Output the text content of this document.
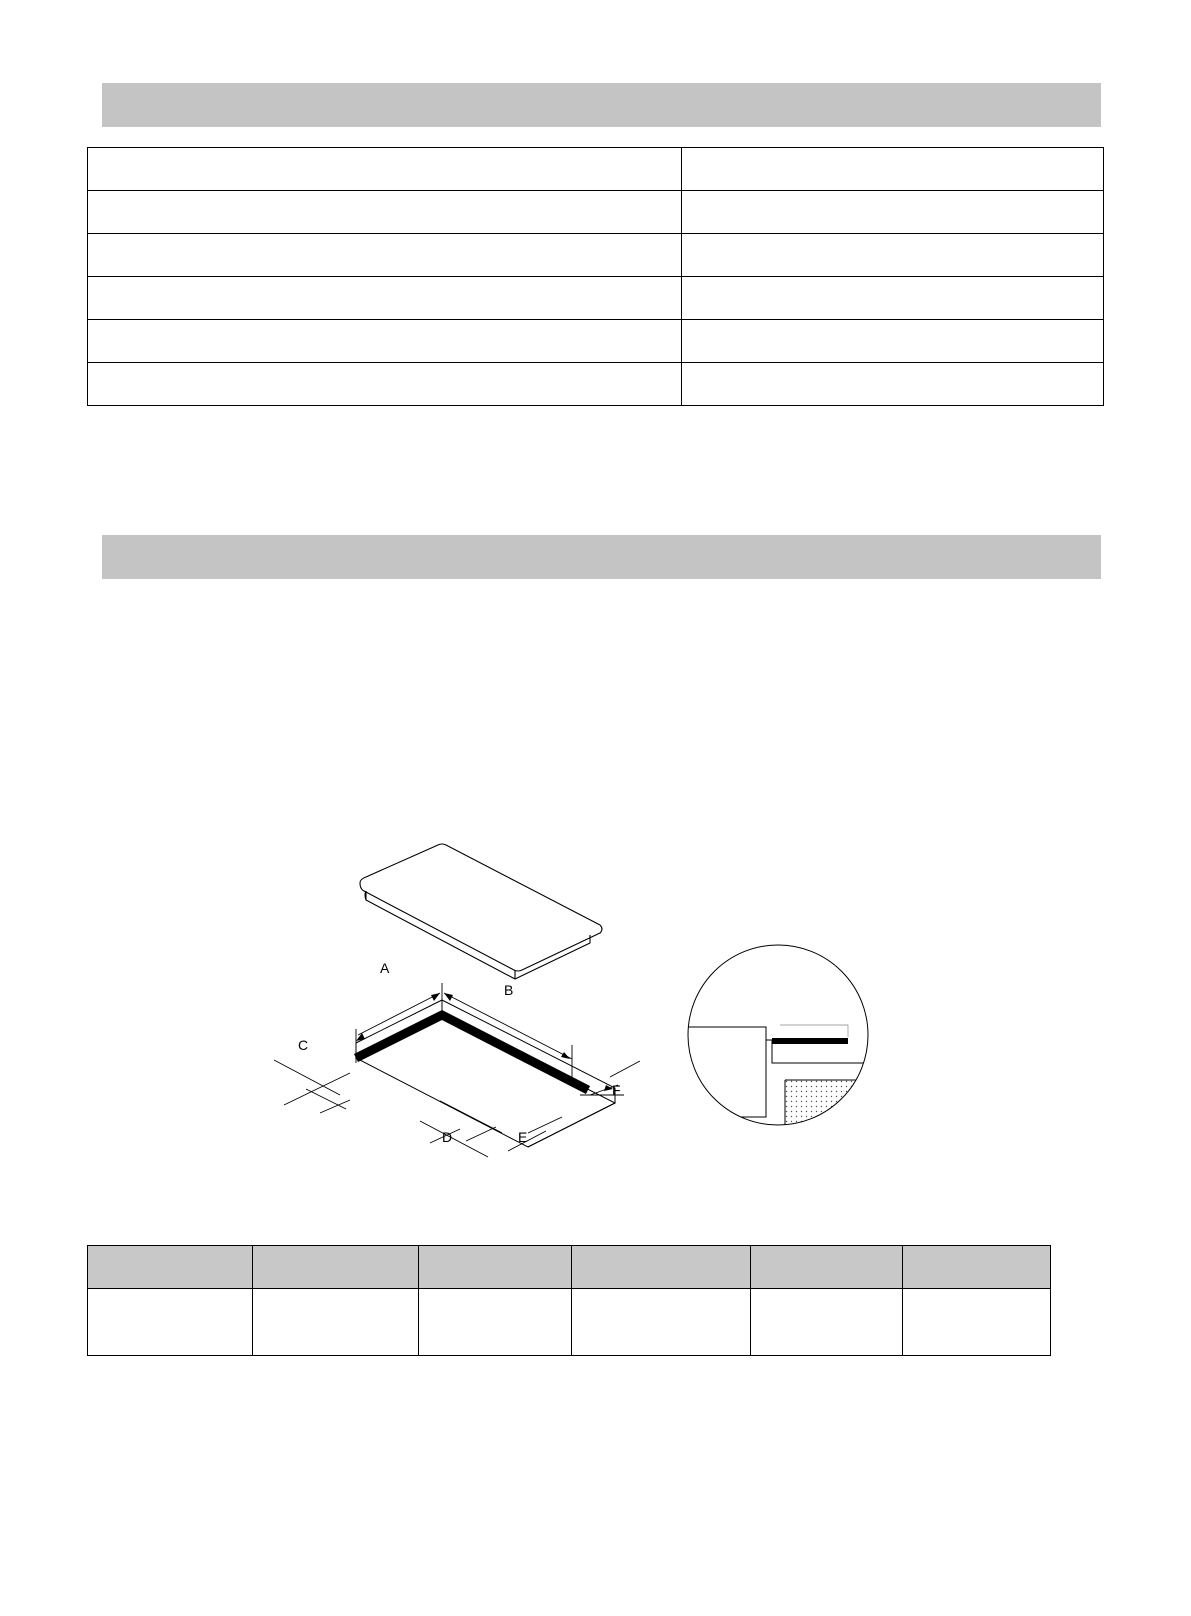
A
B
C
D	E
F
